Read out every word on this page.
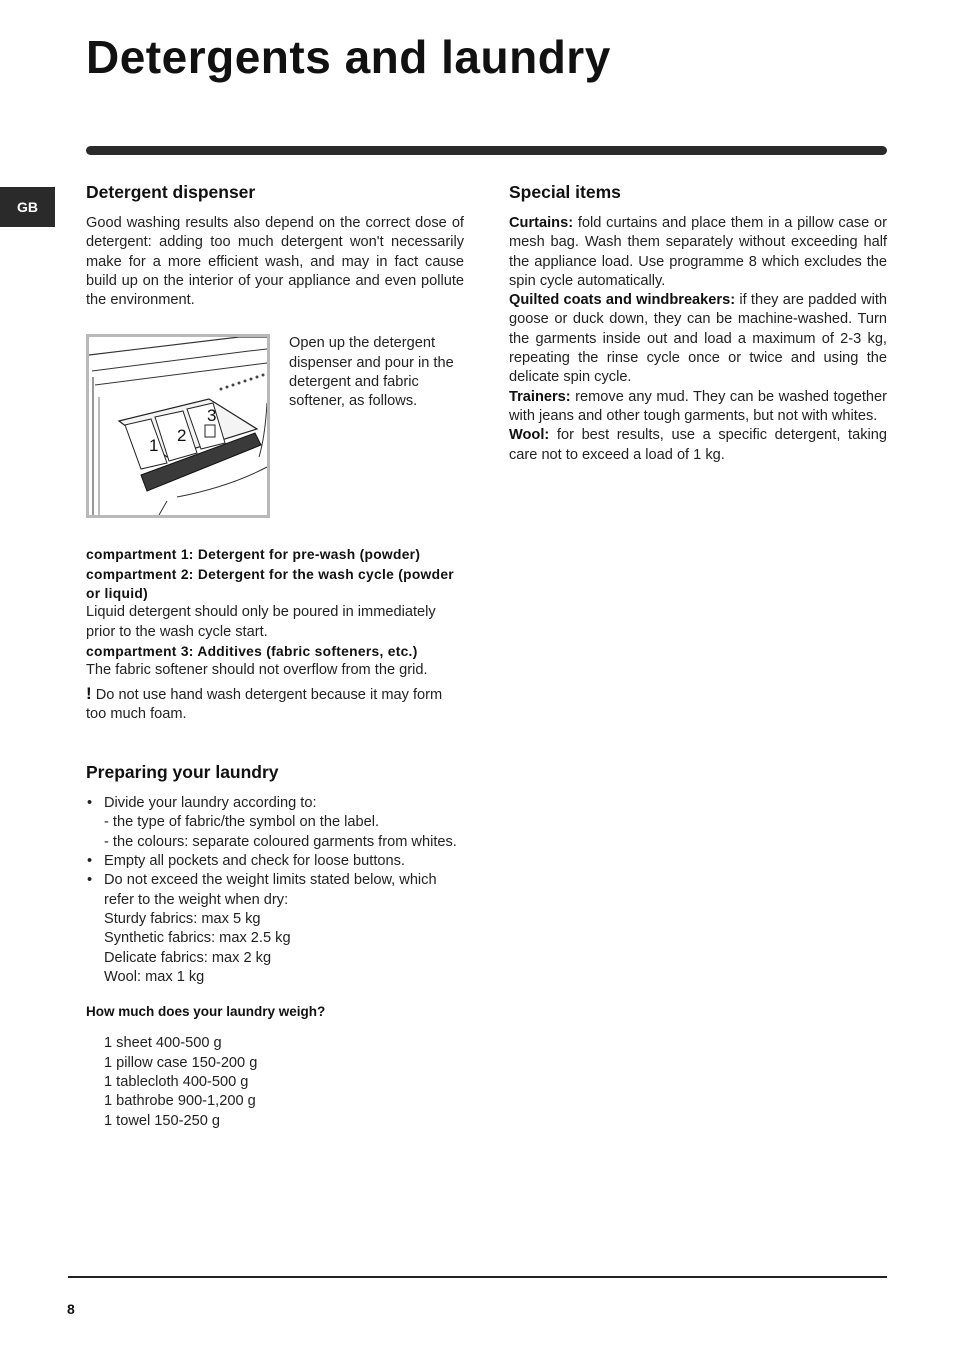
Detergents and laundry
GB
Detergent dispenser

Good washing results also depend on the correct dose of detergent: adding too much detergent won't necessarily make for a more efficient wash, and may in fact cause build up on the interior of your appliance and even pollute the environment.

1
2
3

Open up the detergent dispenser and pour in the detergent and fabric softener, as follows.

compartment 1: Detergent for pre-wash (powder)

compartment 2: Detergent for the wash cycle (powder or liquid)

Liquid detergent should only be poured in immediately prior to the wash cycle start.

compartment 3: Additives (fabric softeners, etc.)

The fabric softener should not overflow from the grid.

! Do not use hand wash detergent because it may form too much foam.

Preparing your laundry
• Divide your laundry according to:
- the type of fabric/the symbol on the label.
- the colours: separate coloured garments from whites.
• Empty all pockets and check for loose buttons.
• Do not exceed the weight limits stated below, which refer to the weight when dry:
Sturdy fabrics: max 5 kg
Synthetic fabrics: max 2.5 kg
Delicate fabrics: max 2 kg
Wool: max 1 kg

How much does your laundry weigh?

1 sheet 400-500 g
1 pillow case 150-200 g
1 tablecloth 400-500 g
1 bathrobe 900-1,200 g
1 towel 150-250 g
Special items

Curtains: fold curtains and place them in a pillow case or mesh bag. Wash them separately without exceeding half the appliance load. Use programme 8 which excludes the spin cycle automatically.

Quilted coats and windbreakers: if they are padded with goose or duck down, they can be machine-washed. Turn the garments inside out and load a maximum of 2-3 kg, repeating the rinse cycle once or twice and using the delicate spin cycle.

Trainers: remove any mud. They can be washed together with jeans and other tough garments, but not with whites.

Wool: for best results, use a specific detergent, taking care not to exceed a load of 1 kg.

8
